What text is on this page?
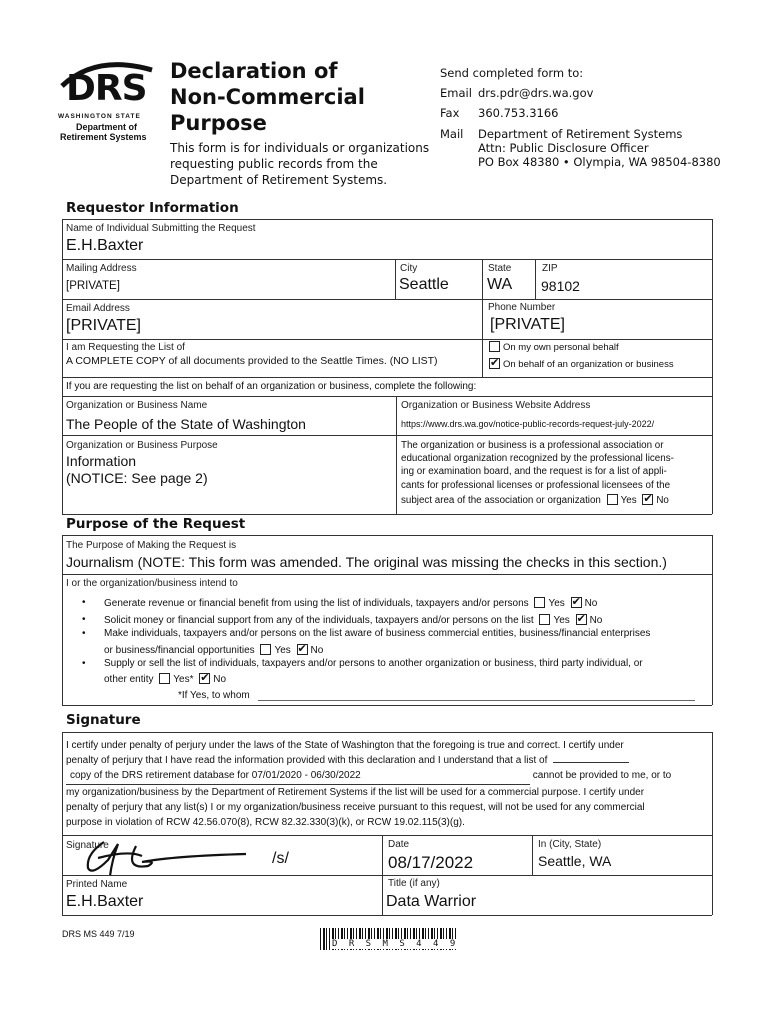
DRS
WASHINGTON STATE
Department of
Retirement Systems
Declaration of
Non-Commercial
Purpose
This form is for individuals or organizations
requesting public records from the
Department of Retirement Systems.
Send completed form to:
Email drs.pdr@drs.wa.gov
Fax 360.753.3166
Mail Department of Retirement Systems
Attn: Public Disclosure Officer
PO Box 48380 • Olympia, WA 98504-8380
Requestor Information
Name of Individual Submitting the Request
E.H.Baxter
Mailing Address
[PRIVATE]
City
Seattle
State
WA
ZIP
98102
Email Address
[PRIVATE]
Phone Number
[PRIVATE]
I am Requesting the List of
A COMPLETE COPY of all documents provided to the Seattle Times. (NO LIST)
On my own personal behalf
✔On behalf of an organization or business
If you are requesting the list on behalf of an organization or business, complete the following:
Organization or Business Name
The People of the State of Washington
Organization or Business Website Address
https://www.drs.wa.gov/notice-public-records-request-july-2022/
Organization or Business Purpose
Information
(NOTICE: See page 2)
The organization or business is a professional association or
educational organization recognized by the professional licens-
ing or examination board, and the request is for a list of appli-
cants for professional licenses or professional licensees of the
subject area of the association or organization Yes ✔ No
Purpose of the Request
The Purpose of Making the Request is
Journalism (NOTE: This form was amended. The original was missing the checks in this section.)
I or the organization/business intend to
• Generate revenue or financial benefit from using the list of individuals, taxpayers and/or persons Yes ✔ No
• Solicit money or financial support from any of the individuals, taxpayers and/or persons on the list Yes ✔ No
• Make individuals, taxpayers and/or persons on the list aware of business commercial entities, business/financial enterprises
or business/financial opportunities Yes ✔ No
• Supply or sell the list of individuals, taxpayers and/or persons to another organization or business, third party individual, or
other entity Yes* ✔ No
*If Yes, to whom
Signature
I certify under penalty of perjury under the laws of the State of Washington that the foregoing is true and correct. I certify under
penalty of perjury that I have read the information provided with this declaration and I understand that a list of
copy of the DRS retirement database for 07/01/2020 - 06/30/2022	cannot be provided to me, or to
my organization/business by the Department of Retirement Systems if the list will be used for a commercial purpose. I certify under
penalty of perjury that any list(s) I or my organization/business receive pursuant to this request, will not be used for any commercial
purpose in violation of RCW 42.56.070(8), RCW 82.32.330(3)(k), or RCW 19.02.115(3)(g).
Signature
/s/
Date
08/17/2022
In (City, State)
Seattle, WA
Printed Name
E.H.Baxter
Title (if any)
Data Warrior
DRS MS 449 7/19
D R S M S 4 4 9
